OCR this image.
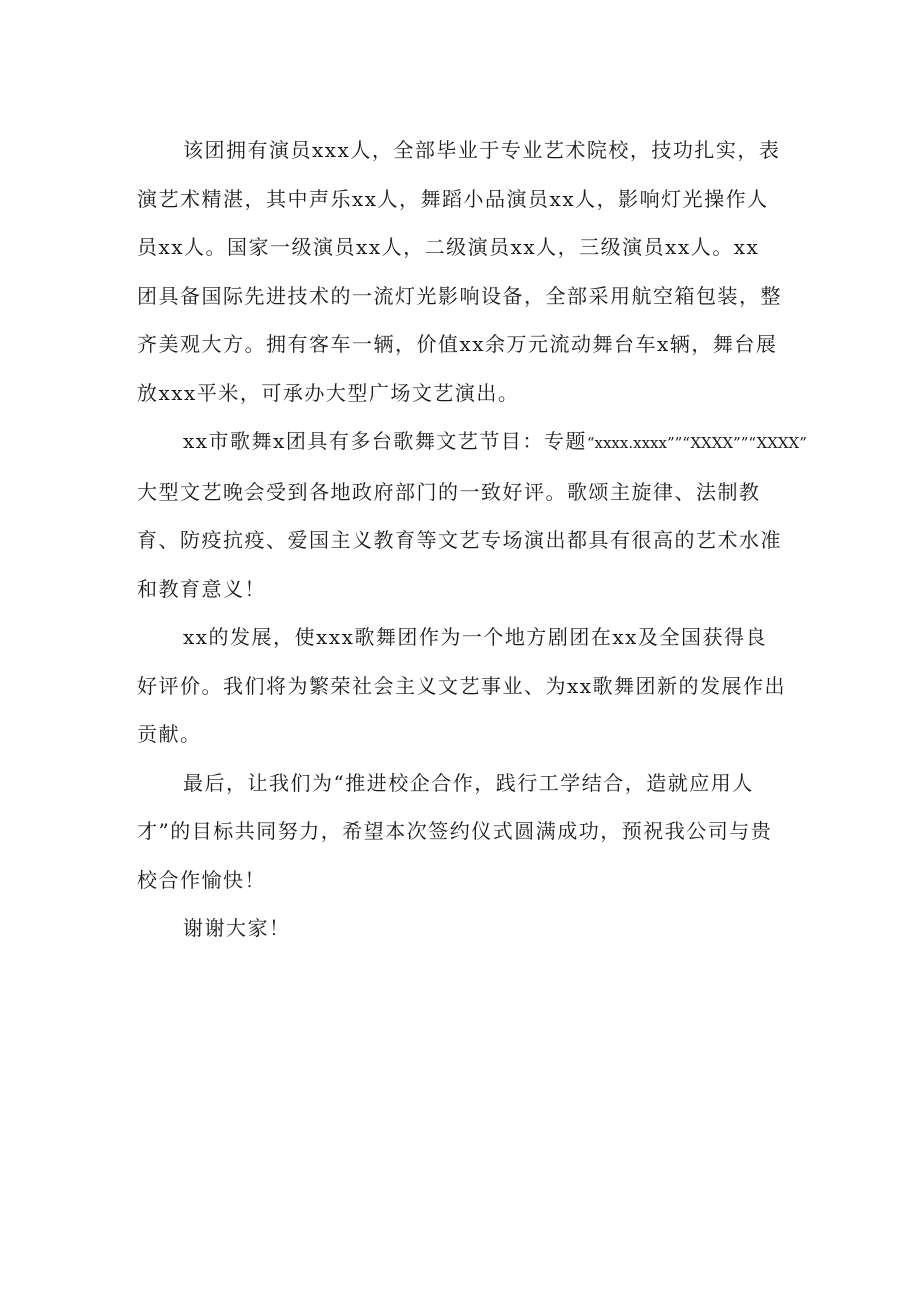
该团拥有演员xxx人，全部毕业于专业艺术院校，技功扎实，表
演艺术精湛，其中声乐xx人，舞蹈小品演员xx人，影响灯光操作人
员xx人。国家一级演员xx人，二级演员xx人，三级演员xx人。xx
团具备国际先进技术的一流灯光影响设备，全部采用航空箱包装，整
齐美观大方。拥有客车一辆，价值xx余万元流动舞台车x辆，舞台展
放xxx平米，可承办大型广场文艺演出。
xx市歌舞x团具有多台歌舞文艺节目：专题“xxxx.xxxx””“XXXX””“XXXX”
大型文艺晚会受到各地政府部门的一致好评。歌颂主旋律、法制教
育、防疫抗疫、爱国主义教育等文艺专场演出都具有很高的艺术水准
和教育意义！
xx的发展，使xxx歌舞团作为一个地方剧团在xx及全国获得良
好评价。我们将为繁荣社会主义文艺事业、为xx歌舞团新的发展作出
贡献。
最后，让我们为“推进校企合作，践行工学结合，造就应用人
才”的目标共同努力，希望本次签约仪式圆满成功，预祝我公司与贵
校合作愉快！
谢谢大家！
